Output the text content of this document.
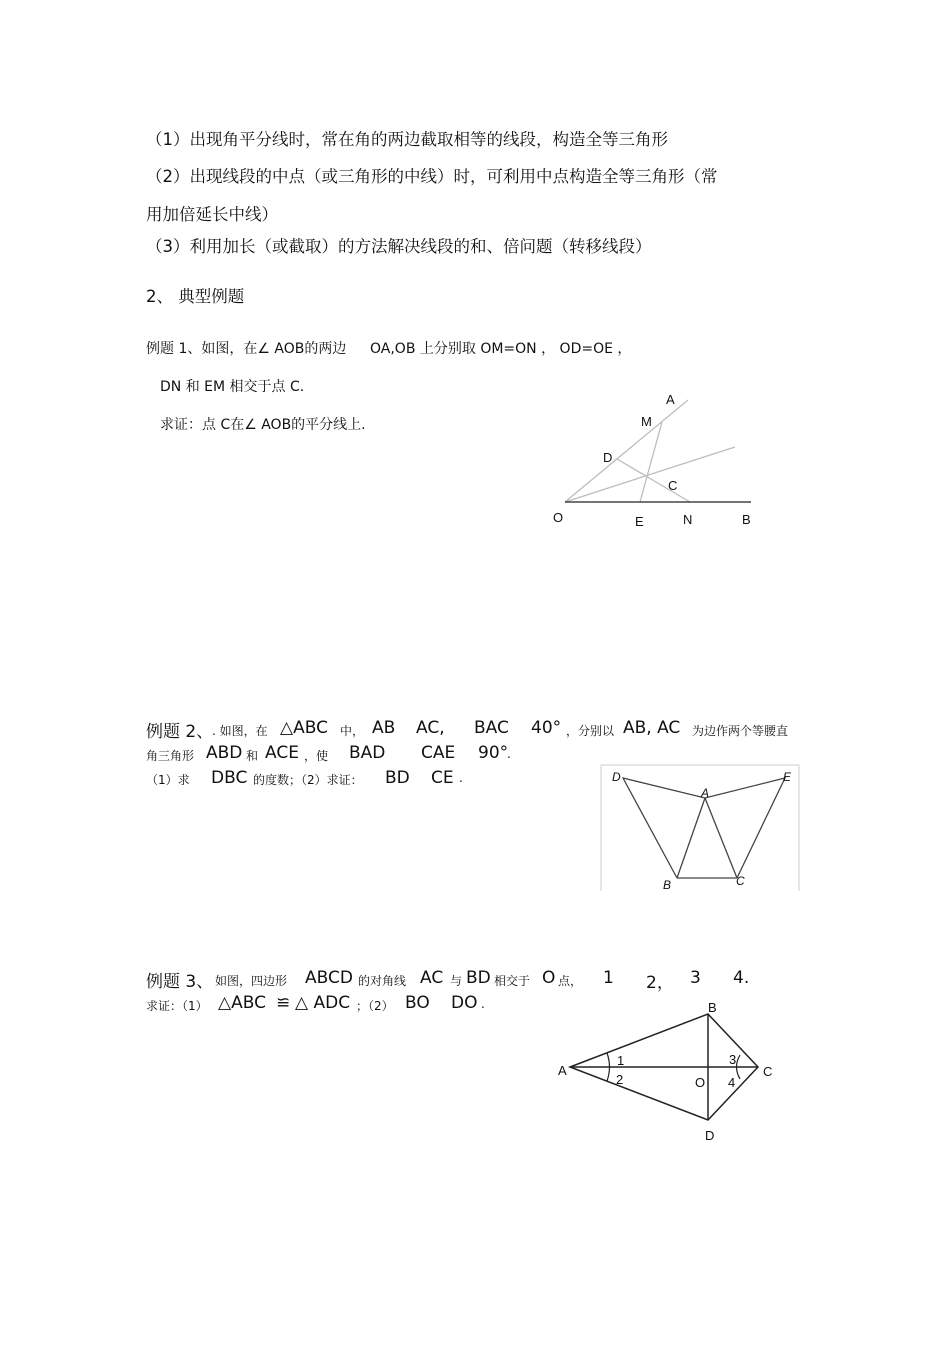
（1）出现角平分线时，常在角的两边截取相等的线段，构造全等三角形
（2）出现线段的中点（或三角形的中线）时，可利用中点构造全等三角形（常
用加倍延长中线）
（3）利用加长（或截取）的方法解决线段的和、倍问题（转移线段）
2、 典型例题
例题 1、如图，在∠ AOB的两边 OA,OB 上分别取 OM=ON ， OD=OE ，
DN 和 EM 相交于点 C.
求证：点 C在∠ AOB的平分线上.
A
M
D
C
O	E	N	B
例题 2、
. 如图，在 △ABC 中， AB AC, BAC 40° ，分别以 AB, AC 为边作两个等腰直
角三角形 ABD 和 ACE ，使 BAD CAE 90°
.
（1）求 DBC 的度数；（2）求证： BD CE .	D
A
E
B	C
例题 3、 如图，四边形 ABCD 的对角线 AC 与 BD 相交于 O 点， 1 2， 3 4.
求证：（1） △ABC ≌ △ ADC ；（2） BO DO .
A
B
C
D
O
1
2
3
4
